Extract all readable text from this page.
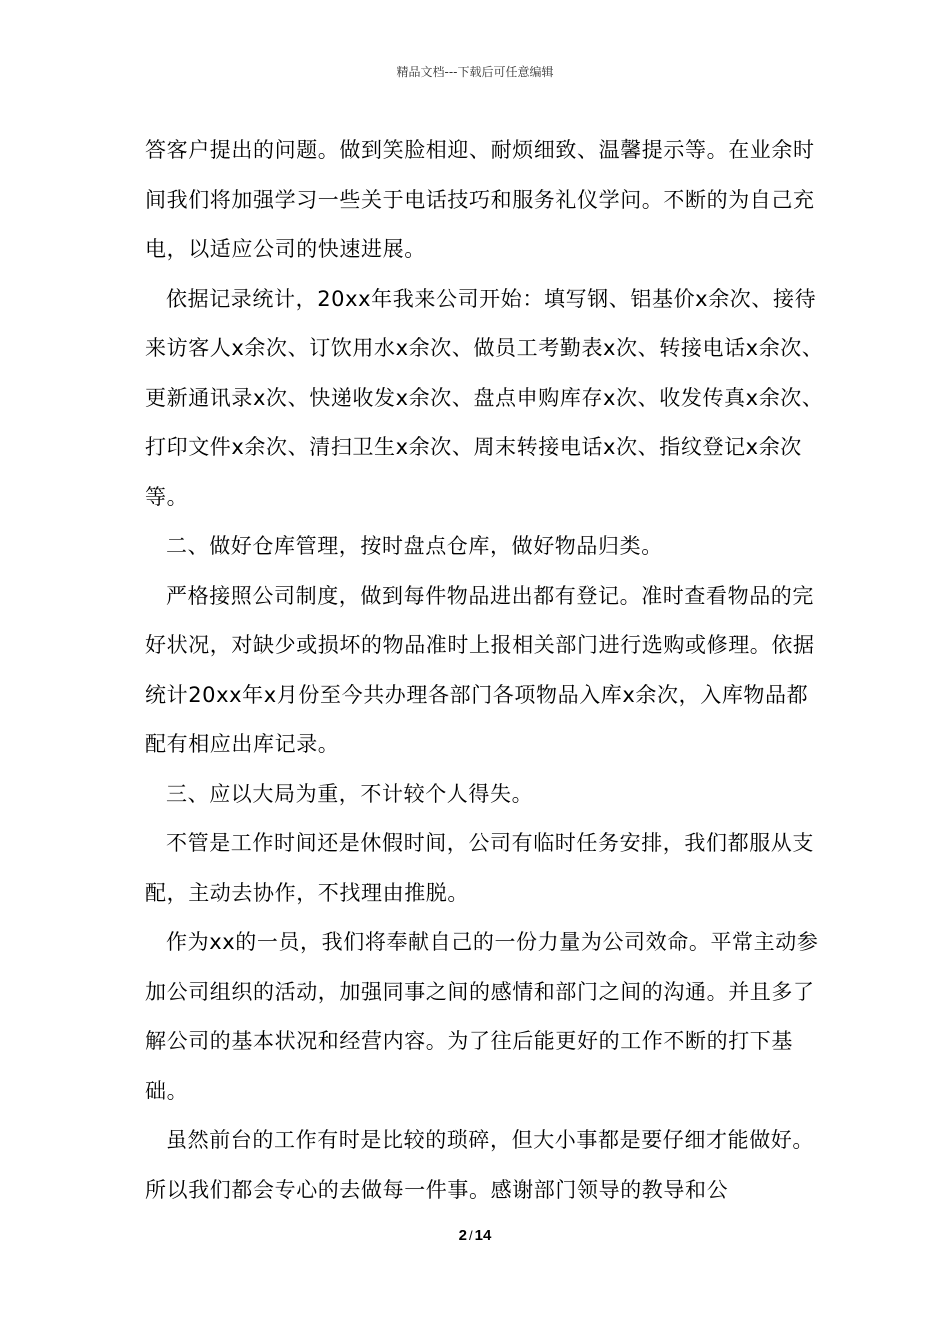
精品文档---下载后可任意编辑

答客户提出的问题。做到笑脸相迎、耐烦细致、温馨提示等。在业余时间我们将加强学习一些关于电话技巧和服务礼仪学问。不断的为自己充电，以适应公司的快速进展。

依据记录统计，20xx年我来公司开始：填写钢、铝基价x余次、接待来访客人x余次、订饮用水x余次、做员工考勤表x次、转接电话x余次、更新通讯录x次、快递收发x余次、盘点申购库存x次、收发传真x余次、打印文件x余次、清扫卫生x余次、周末转接电话x次、指纹登记x余次等。

二、做好仓库管理，按时盘点仓库，做好物品归类。

严格接照公司制度，做到每件物品进出都有登记。准时查看物品的完好状况，对缺少或损坏的物品准时上报相关部门进行选购或修理。依据统计20xx年x月份至今共办理各部门各项物品入库x余次，入库物品都配有相应出库记录。

三、应以大局为重，不计较个人得失。

不管是工作时间还是休假时间，公司有临时任务安排，我们都服从支配，主动去协作，不找理由推脱。

作为xx的一员，我们将奉献自己的一份力量为公司效命。平常主动参加公司组织的活动，加强同事之间的感情和部门之间的沟通。并且多了解公司的基本状况和经营内容。为了往后能更好的工作不断的打下基础。

虽然前台的工作有时是比较的琐碎，但大小事都是要仔细才能做好。所以我们都会专心的去做每一件事。感谢部门领导的教导和公

2 / 14
